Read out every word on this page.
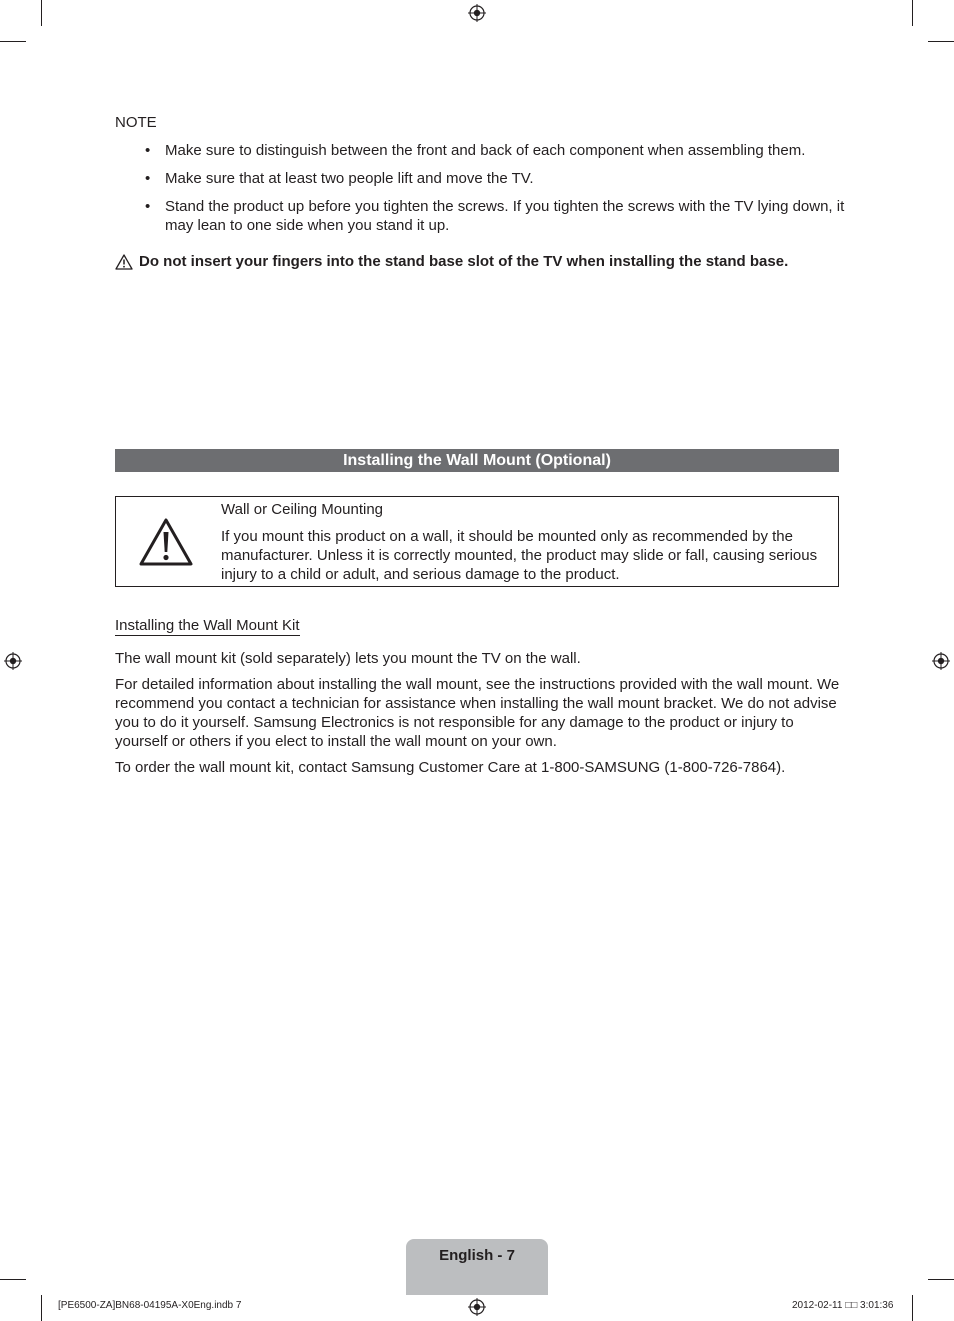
NOTE
• Make sure to distinguish between the front and back of each component when assembling them.
• Make sure that at least two people lift and move the TV.
• Stand the product up before you tighten the screws. If you tighten the screws with the TV lying down, it may lean to one side when you stand it up.
Do not insert your fingers into the stand base slot of the TV when installing the stand base.
Installing the Wall Mount (Optional)
Wall or Ceiling Mounting
If you mount this product on a wall, it should be mounted only as recommended by the manufacturer. Unless it is correctly mounted, the product may slide or fall, causing serious injury to a child or adult, and serious damage to the product.
Installing the Wall Mount Kit
The wall mount kit (sold separately) lets you mount the TV on the wall.
For detailed information about installing the wall mount, see the instructions provided with the wall mount. We recommend you contact a technician for assistance when installing the wall mount bracket. We do not advise you to do it yourself. Samsung Electronics is not responsible for any damage to the product or injury to yourself or others if you elect to install the wall mount on your own.
To order the wall mount kit, contact Samsung Customer Care at 1-800-SAMSUNG (1-800-726-7864).
English - 7
[PE6500-ZA]BN68-04195A-X0Eng.indb 7	2012-02-11 □□ 3:01:36
